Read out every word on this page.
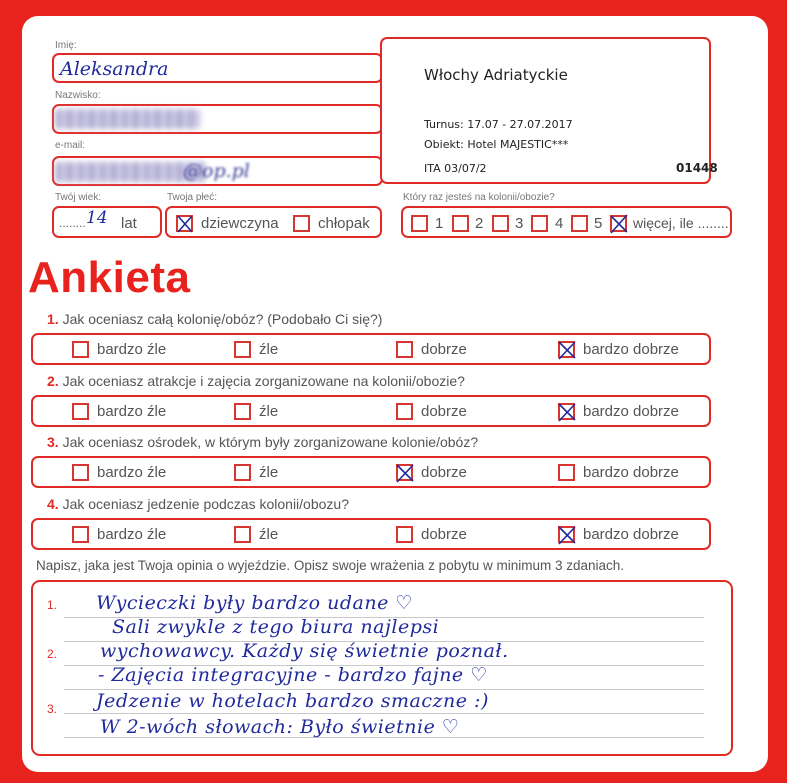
Imię:
Aleksandra
Nazwisko:
e-mail:
@op.pl
Twój wiek:
........ 14 lat
Twoja płeć:
dziewczyna	chłopak
Włochy Adriatyckie
Turnus: 17.07 - 27.07.2017
Obiekt: Hotel MAJESTIC***
ITA 03/07/2	01448
Który raz jesteś na kolonii/obozie?
1 2 3 4 5 więcej, ile ........
Ankieta
1. Jak oceniasz całą kolonię/obóz? (Podobało Ci się?)
bardzo źle	źle	dobrze	bardzo dobrze
2. Jak oceniasz atrakcje i zajęcia zorganizowane na kolonii/obozie?
bardzo źle	źle	dobrze	bardzo dobrze
3. Jak oceniasz ośrodek, w którym były zorganizowane kolonie/obóz?
bardzo źle	źle	dobrze	bardzo dobrze
4. Jak oceniasz jedzenie podczas kolonii/obozu?
bardzo źle	źle	dobrze	bardzo dobrze
Napisz, jaka jest Twoja opinia o wyjeździe. Opisz swoje wrażenia z pobytu w minimum 3 zdaniach.
1.
2.
3.
Wycieczki były bardzo udane ♡
Sali zwykle z tego biura najlepsi
wychowawcy. Każdy się świetnie poznał.
- Zajęcia integracyjne - bardzo fajne ♡
Jedzenie w hotelach bardzo smaczne :)
W 2-wóch słowach: Było świetnie ♡
